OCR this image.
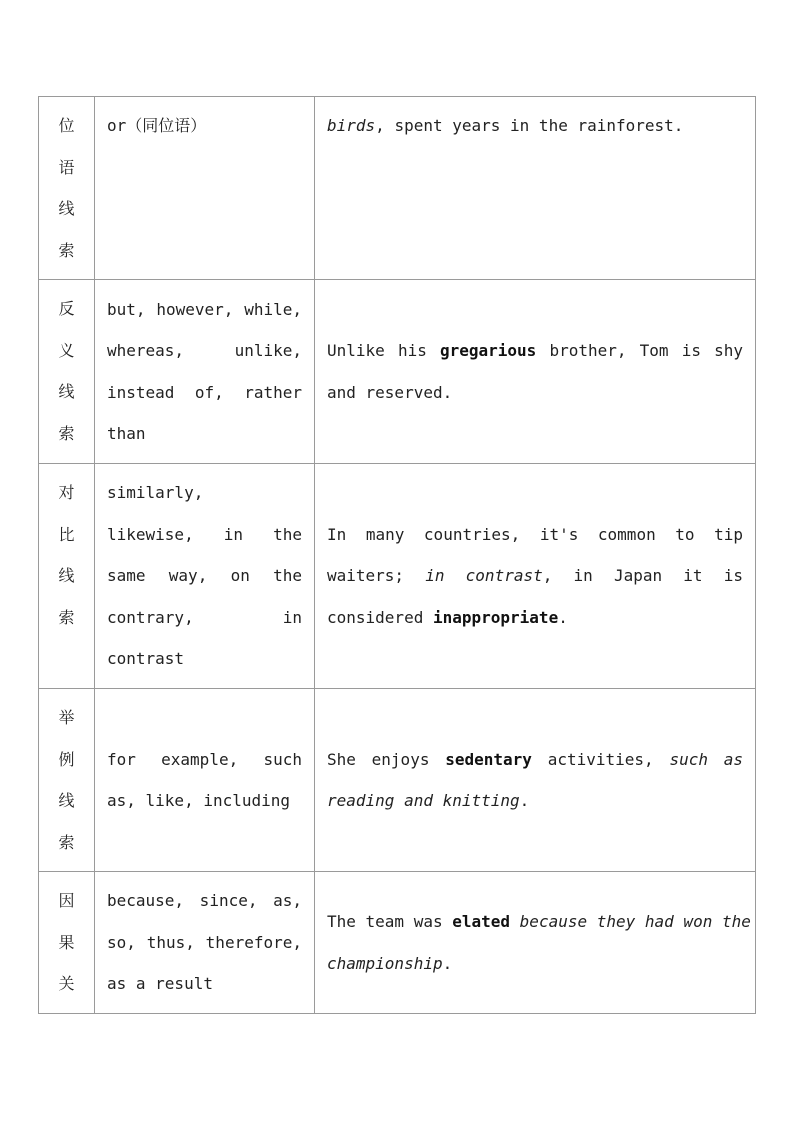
位
语
线
索	or（同位语）	birds, spent years in the rainforest.

反
义
线
索	but, however, while,
whereas, unlike,
instead of, rather
than	Unlike his gregarious brother, Tom is shy
and reserved.

对
比
线
索	similarly,
likewise, in the
same way, on the
contrary, in
contrast	In many countries, it's common to tip
waiters; in contrast, in Japan it is
considered inappropriate.

举
例
线
索	for example, such
as, like, including	She enjoys sedentary activities, such as
reading and knitting.

因
果
关	because, since, as,
so, thus, therefore,
as a result	The team was elated because they had won the
championship.
